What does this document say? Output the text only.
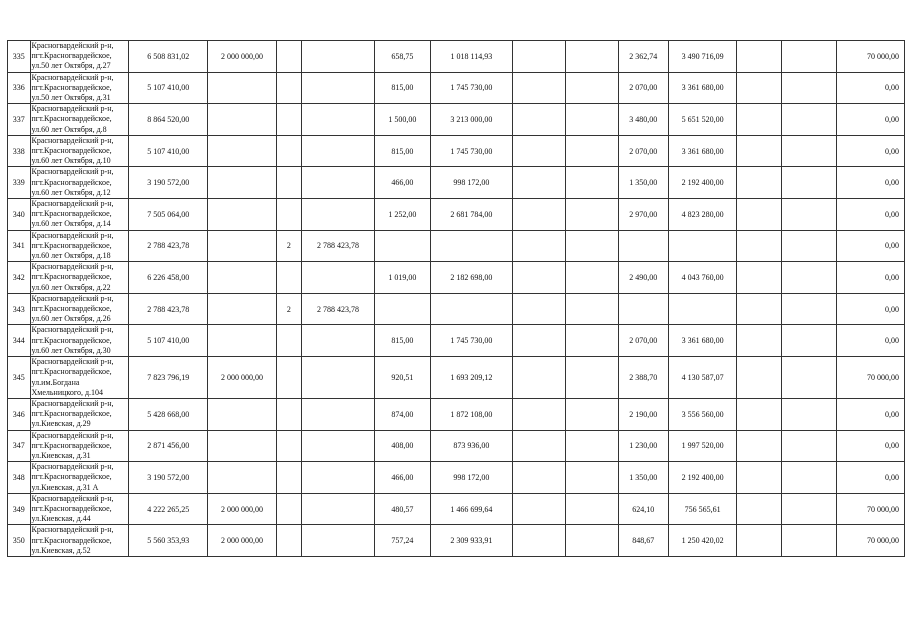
335	Красногвардейский р-н, пгт.Красногвардейское, ул.50 лет Октября, д.27	6 508 831,02	2 000 000,00			658,75	1 018 114,93			2 362,74	3 490 716,09			70 000,00
336	Красногвардейский р-н, пгт.Красногвардейское, ул.50 лет Октября, д.31	5 107 410,00				815,00	1 745 730,00			2 070,00	3 361 680,00			0,00
337	Красногвардейский р-н, пгт.Красногвардейское, ул.60 лет Октября, д.8	8 864 520,00				1 500,00	3 213 000,00			3 480,00	5 651 520,00			0,00
338	Красногвардейский р-н, пгт.Красногвардейское, ул.60 лет Октября, д.10	5 107 410,00				815,00	1 745 730,00			2 070,00	3 361 680,00			0,00
339	Красногвардейский р-н, пгт.Красногвардейское, ул.60 лет Октября, д.12	3 190 572,00				466,00	998 172,00			1 350,00	2 192 400,00			0,00
340	Красногвардейский р-н, пгт.Красногвардейское, ул.60 лет Октября, д.14	7 505 064,00				1 252,00	2 681 784,00			2 970,00	4 823 280,00			0,00
341	Красногвардейский р-н, пгт.Красногвардейское, ул.60 лет Октября, д.18	2 788 423,78		2	2 788 423,78									0,00
342	Красногвардейский р-н, пгт.Красногвардейское, ул.60 лет Октября, д.22	6 226 458,00				1 019,00	2 182 698,00			2 490,00	4 043 760,00			0,00
343	Красногвардейский р-н, пгт.Красногвардейское, ул.60 лет Октября, д.26	2 788 423,78		2	2 788 423,78									0,00
344	Красногвардейский р-н, пгт.Красногвардейское, ул.60 лет Октября, д.30	5 107 410,00				815,00	1 745 730,00			2 070,00	3 361 680,00			0,00
345	Красногвардейский р-н, пгт.Красногвардейское, ул.им.Богдана Хмельницкого, д.104	7 823 796,19	2 000 000,00			920,51	1 693 209,12			2 388,70	4 130 587,07			70 000,00
346	Красногвардейский р-н, пгт.Красногвардейское, ул.Киевская, д.29	5 428 668,00				874,00	1 872 108,00			2 190,00	3 556 560,00			0,00
347	Красногвардейский р-н, пгт.Красногвардейское, ул.Киевская, д.31	2 871 456,00				408,00	873 936,00			1 230,00	1 997 520,00			0,00
348	Красногвардейский р-н, пгт.Красногвардейское, ул.Киевская, д.31 А	3 190 572,00				466,00	998 172,00			1 350,00	2 192 400,00			0,00
349	Красногвардейский р-н, пгт.Красногвардейское, ул.Киевская, д.44	4 222 265,25	2 000 000,00			480,57	1 466 699,64			624,10	756 565,61			70 000,00
350	Красногвардейский р-н, пгт.Красногвардейское, ул.Киевская, д.52	5 560 353,93	2 000 000,00			757,24	2 309 933,91			848,67	1 250 420,02			70 000,00
